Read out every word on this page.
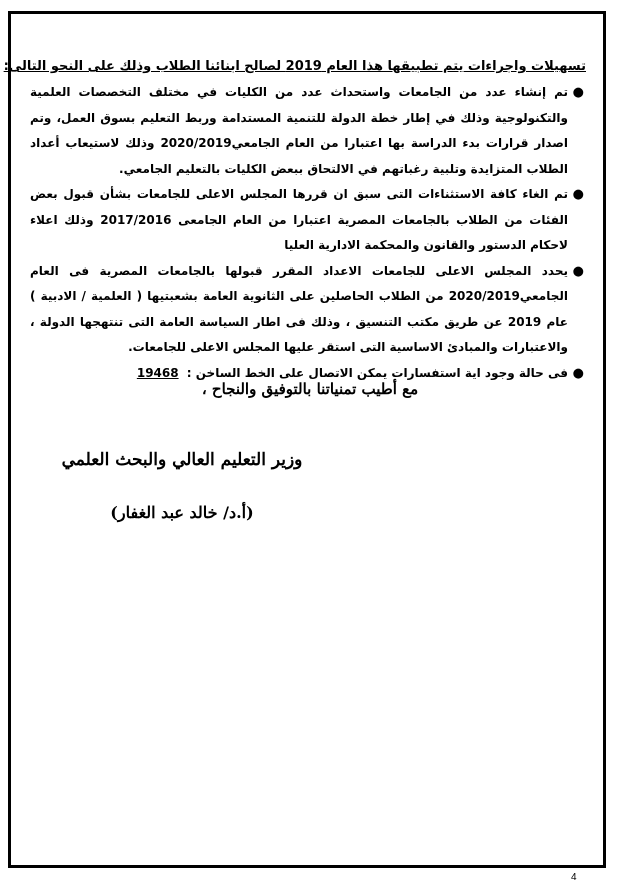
تسهيلات واجراءات يتم تطبيقها هذا العام 2019 لصالح ابنائنا الطلاب وذلك على النحو التالى:

●
تم إنشاء عدد من الجامعات واستحداث عدد من الكليات في مختلف التخصصات العلمية والتكنولوجية وذلك في إطار خطة الدولة للتنمية المستدامة وربط التعليم بسوق العمل، وتم اصدار قرارات بدء الدراسة بها اعتبارا من العام الجامعي2020/2019 وذلك لاستيعاب أعداد الطلاب المتزايدة وتلبية رغباتهم في الالتحاق ببعض الكليات بالتعليم الجامعي.
●
تم الغاء كافة الاستثناءات التى سبق ان قررها المجلس الاعلى للجامعات بشأن قبول بعض الفئات من الطلاب بالجامعات المصرية اعتبارا من العام الجامعى 2017/2016 وذلك اعلاء لاحكام الدستور والقانون والمحكمة الادارية العليا
●
يحدد المجلس الاعلى للجامعات الاعداد المقرر قبولها بالجامعات المصرية فى العام الجامعي2020/2019 من الطلاب الحاصلين على الثانوية العامة بشعبتيها ( العلمية / الادبية ) عام 2019 عن طريق مكتب التنسيق ، وذلك فى اطار السياسة العامة التى تنتهجها الدولة ، والاعتبارات والمبادئ الاساسية التى استقر عليها المجلس الاعلى للجامعات.
●
فى حالة وجود اية استفسارات يمكن الاتصال على الخط الساخن : 19468
مع أطيب تمنياتنا بالتوفيق والنجاح ،
وزير التعليم العالي والبحث العلمي
(أ.د/ خالد عبد الغفار)
4
